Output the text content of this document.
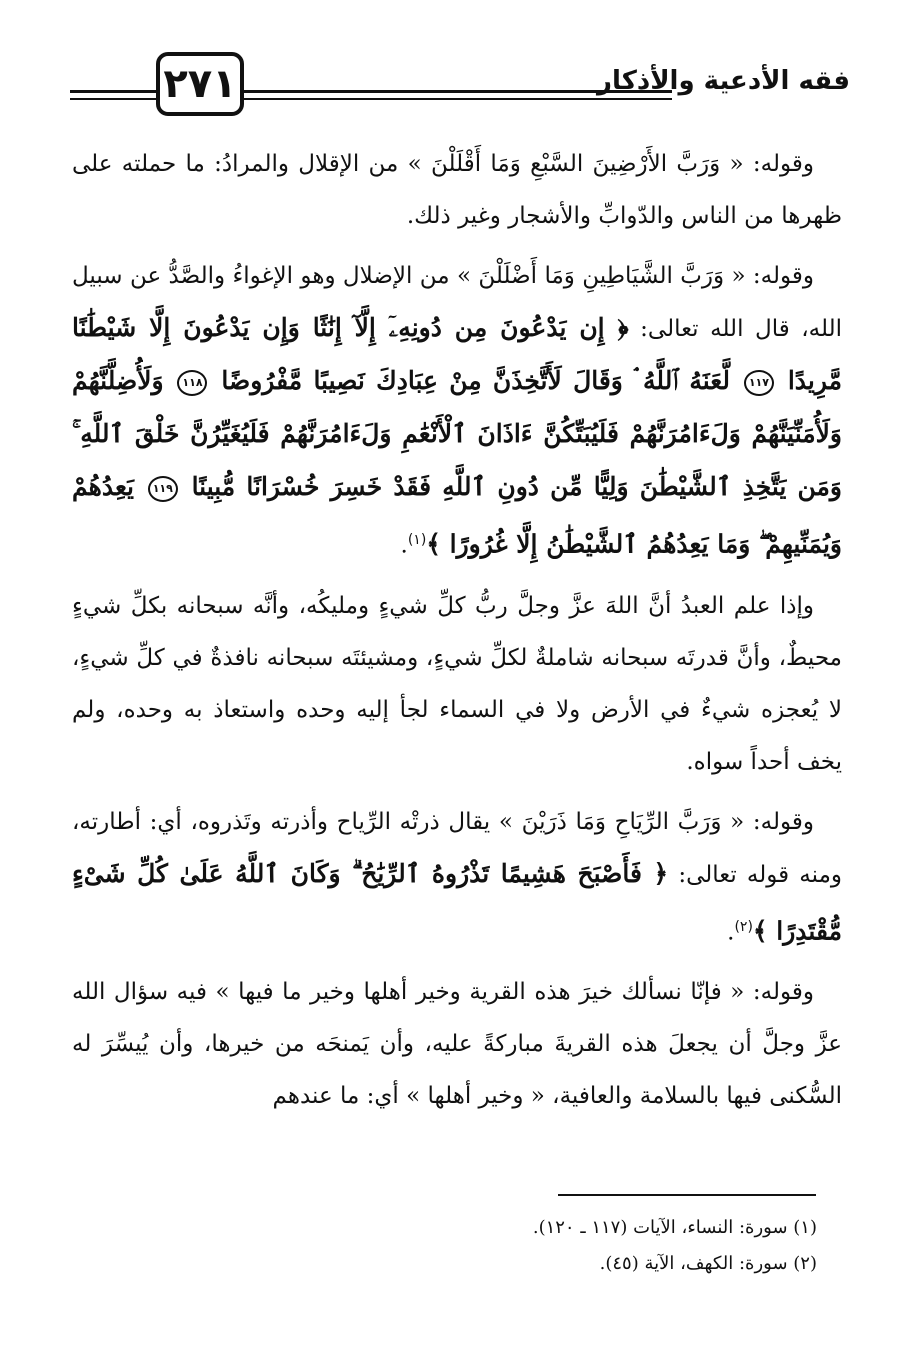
٢٧١	فقه الأدعية والأذكار

وقوله: « وَرَبَّ الأَرْضِينَ السَّبْعِ وَمَا أَقْلَلْنَ » من الإقلال والمرادُ: ما حملته على ظهرها من الناس والدّوابِّ والأشجار وغير ذلك.

وقوله: « وَرَبَّ الشَّيَاطِينِ وَمَا أَضْلَلْنَ » من الإضلال وهو الإغواءُ والصَّدُّ عن سبيل الله، قال الله تعالى: ﴿ إِن يَدْعُونَ مِن دُونِهِۦٓ إِلَّآ إِنَٰثًا وَإِن يَدْعُونَ إِلَّا شَيْطَٰنًا مَّرِيدًا ١١٧ لَّعَنَهُ ٱللَّهُ ۘ وَقَالَ لَأَتَّخِذَنَّ مِنْ عِبَادِكَ نَصِيبًا مَّفْرُوضًا ١١٨ وَلَأُضِلَّنَّهُمْ وَلَأُمَنِّيَنَّهُمْ وَلَءَامُرَنَّهُمْ فَلَيُبَتِّكُنَّ ءَاذَانَ ٱلْأَنْعَٰمِ وَلَءَامُرَنَّهُمْ فَلَيُغَيِّرُنَّ خَلْقَ ٱللَّهِ ۚ وَمَن يَتَّخِذِ ٱلشَّيْطَٰنَ وَلِيًّا مِّن دُونِ ٱللَّهِ فَقَدْ خَسِرَ خُسْرَانًا مُّبِينًا ١١٩ يَعِدُهُمْ وَيُمَنِّيهِمْ ۖ وَمَا يَعِدُهُمُ ٱلشَّيْطَٰنُ إِلَّا غُرُورًا ﴾$^{(١)}$.

وإذا علم العبدُ أنَّ اللهَ عزَّ وجلَّ ربُّ كلِّ شيءٍ ومليكُه، وأنَّه سبحانه بكلِّ شيءٍ محيطٌ، وأنَّ قدرتَه سبحانه شاملةٌ لكلِّ شيءٍ، ومشيئتَه سبحانه نافذةٌ في كلِّ شيءٍ، لا يُعجزه شيءٌ في الأرض ولا في السماء لجأ إليه وحده واستعاذ به وحده، ولم يخف أحداً سواه.

وقوله: « وَرَبَّ الرِّيَاحِ وَمَا ذَرَيْنَ » يقال ذرتْه الرِّياح وأذرته وتَذروه، أي: أطارته، ومنه قوله تعالى: ﴿ فَأَصْبَحَ هَشِيمًا تَذْرُوهُ ٱلرِّيَٰحُ ۗ وَكَانَ ٱللَّهُ عَلَىٰ كُلِّ شَىْءٍ مُّقْتَدِرًا ﴾$^{(٢)}$.

وقوله: « فإنّا نسألك خيرَ هذه القرية وخير أهلها وخير ما فيها » فيه سؤال الله عزَّ وجلَّ أن يجعلَ هذه القريةَ مباركةً عليه، وأن يَمنحَه من خيرها، وأن يُيسِّرَ له السُّكنى فيها بالسلامة والعافية، « وخير أهلها » أي: ما عندهم

(١) سورة: النساء، الآيات (١١٧ ـ ١٢٠).
(٢) سورة: الكهف، الآية (٤٥).
